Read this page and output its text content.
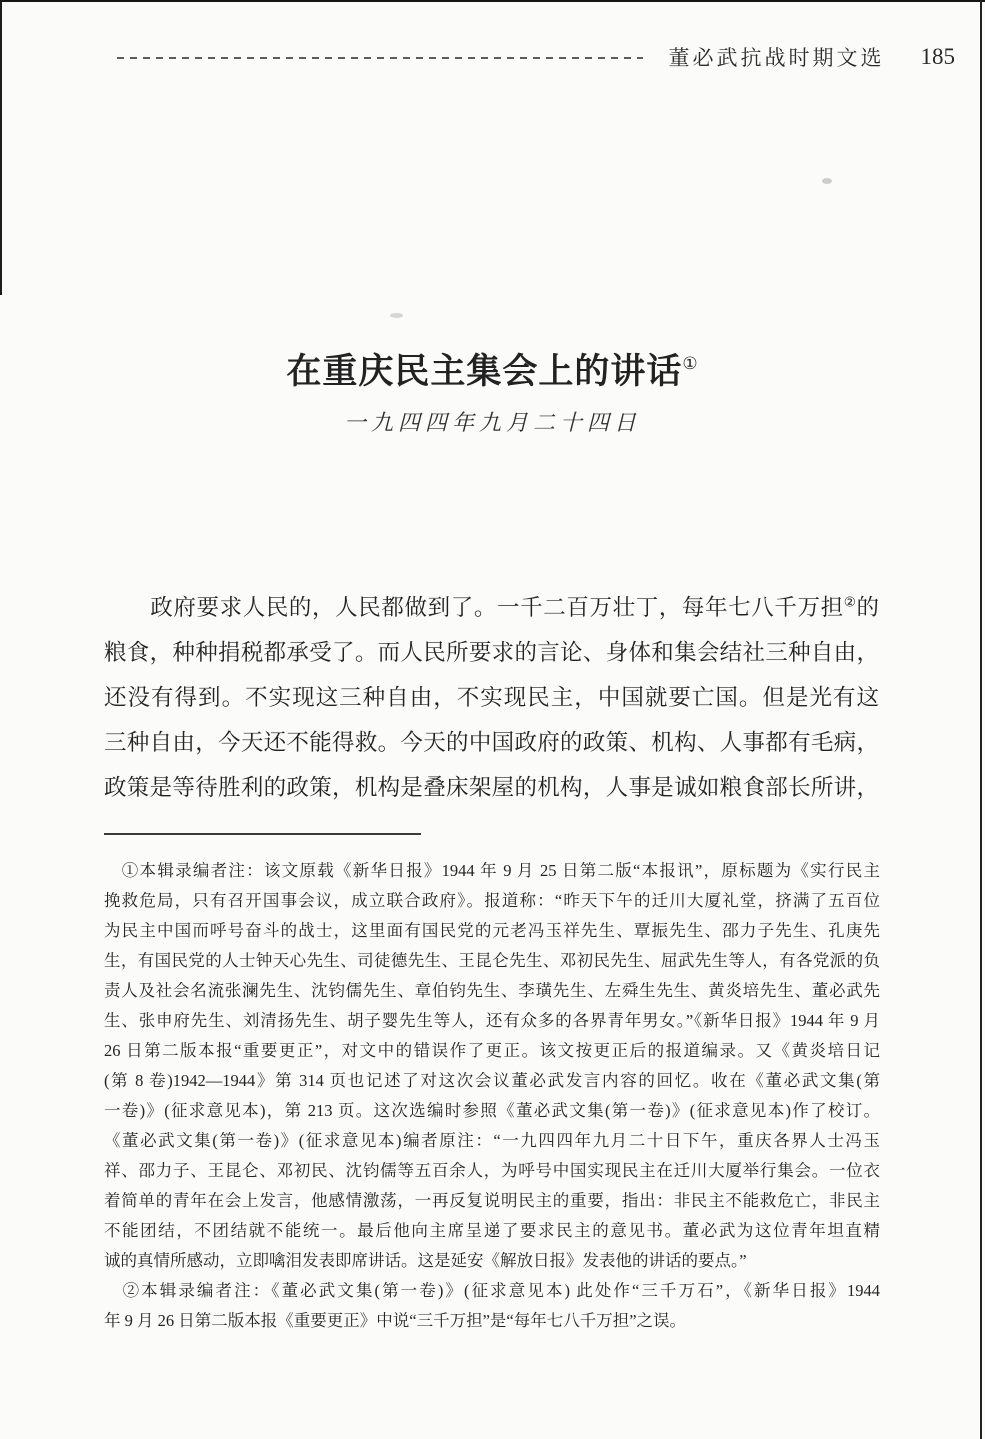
董必武抗战时期文选 185
在重庆民主集会上的讲话①
一九四四年九月二十四日
　　政府要求人民的，人民都做到了。一千二百万壮丁，每年七八千万担②的
粮食，种种捐税都承受了。而人民所要求的言论、身体和集会结社三种自由，
还没有得到。不实现这三种自由，不实现民主，中国就要亡国。但是光有这
三种自由，今天还不能得救。今天的中国政府的政策、机构、人事都有毛病，
政策是等待胜利的政策，机构是叠床架屋的机构，人事是诚如粮食部长所讲，
　①本辑录编者注：该文原载《新华日报》1944 年 9 月 25 日第二版“本报讯”，原标题为《实行民主
挽救危局，只有召开国事会议，成立联合政府》。报道称：“昨天下午的迁川大厦礼堂，挤满了五百位
为民主中国而呼号奋斗的战士，这里面有国民党的元老冯玉祥先生、覃振先生、邵力子先生、孔庚先
生，有国民党的人士钟天心先生、司徒德先生、王昆仑先生、邓初民先生、屈武先生等人，有各党派的负
责人及社会名流张澜先生、沈钧儒先生、章伯钧先生、李璜先生、左舜生先生、黄炎培先生、董必武先
生、张申府先生、刘清扬先生、胡子婴先生等人，还有众多的各界青年男女。”《新华日报》1944 年 9 月
26 日第二版本报“重要更正”，对文中的错误作了更正。该文按更正后的报道编录。又《黄炎培日记
(第 8 卷)1942—1944》第 314 页也记述了对这次会议董必武发言内容的回忆。收在《董必武文集(第
一卷)》(征求意见本)，第 213 页。这次选编时参照《董必武文集(第一卷)》(征求意见本)作了校订。
《董必武文集(第一卷)》(征求意见本)编者原注：“一九四四年九月二十日下午，重庆各界人士冯玉
祥、邵力子、王昆仑、邓初民、沈钧儒等五百余人，为呼号中国实现民主在迁川大厦举行集会。一位衣
着简单的青年在会上发言，他感情激荡，一再反复说明民主的重要，指出：非民主不能救危亡，非民主
不能团结，不团结就不能统一。最后他向主席呈递了要求民主的意见书。董必武为这位青年坦直精
诚的真情所感动，立即噙泪发表即席讲话。这是延安《解放日报》发表他的讲话的要点。”
　②本辑录编者注：《董必武文集(第一卷)》(征求意见本) 此处作“三千万石”，《新华日报》1944
年 9 月 26 日第二版本报《重要更正》中说“三千万担”是“每年七八千万担”之误。
